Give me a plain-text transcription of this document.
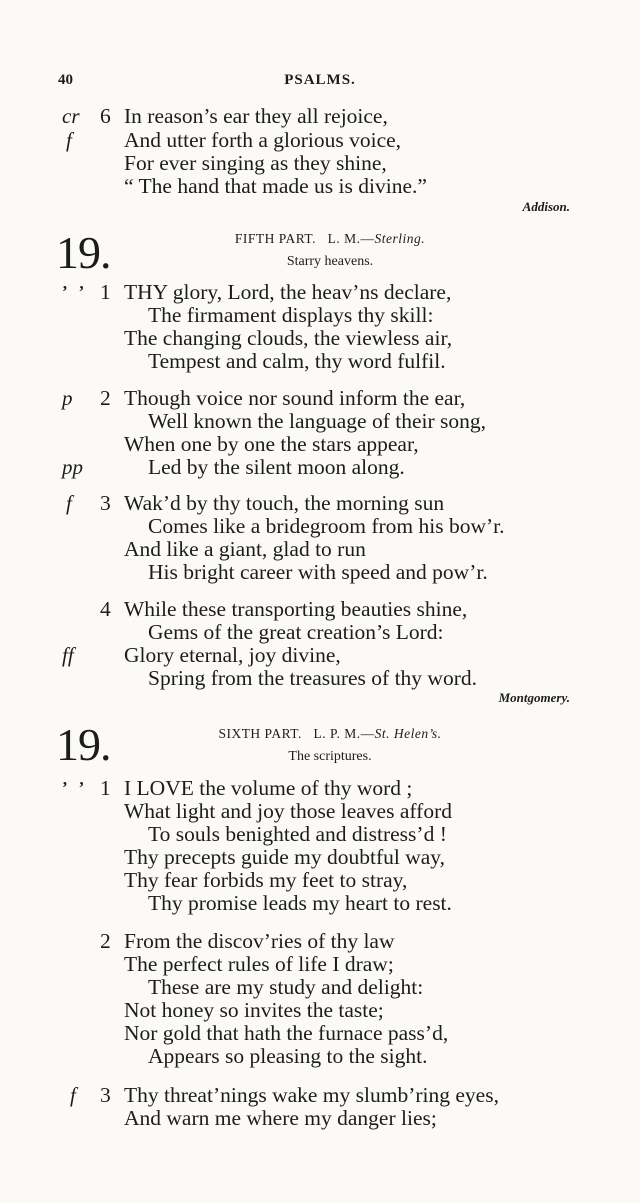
40	PSALMS.
cr 6 In reason’s ear they all rejoice,
f And utter forth a glorious voice,
For ever singing as they shine,
“ The hand that made us is divine.”
Addison.
19.	FIFTH PART. L. M.—Sterling.
Starry heavens.
’ ’ 1 THY glory, Lord, the heav’ns declare,
The firmament displays thy skill:
The changing clouds, the viewless air,
Tempest and calm, thy word fulfil.
p 2 Though voice nor sound inform the ear,
Well known the language of their song,
When one by one the stars appear,
pp	Led by the silent moon along.
f 3 Wak’d by thy touch, the morning sun
Comes like a bridegroom from his bow’r.
And like a giant, glad to run
His bright career with speed and pow’r.
4 While these transporting beauties shine,
Gems of the great creation’s Lord:
ff Glory eternal, joy divine,
Spring from the treasures of thy word.
Montgomery.
19.	SIXTH PART. L. P. M.—St. Helen’s.
The scriptures.
’ ’ 1 I LOVE the volume of thy word ;
What light and joy those leaves afford
To souls benighted and distress’d !
Thy precepts guide my doubtful way,
Thy fear forbids my feet to stray,
Thy promise leads my heart to rest.
2 From the discov’ries of thy law
The perfect rules of life I draw;
These are my study and delight:
Not honey so invites the taste;
Nor gold that hath the furnace pass’d,
Appears so pleasing to the sight.
f 3 Thy threat’nings wake my slumb’ring eyes,
And warn me where my danger lies;
